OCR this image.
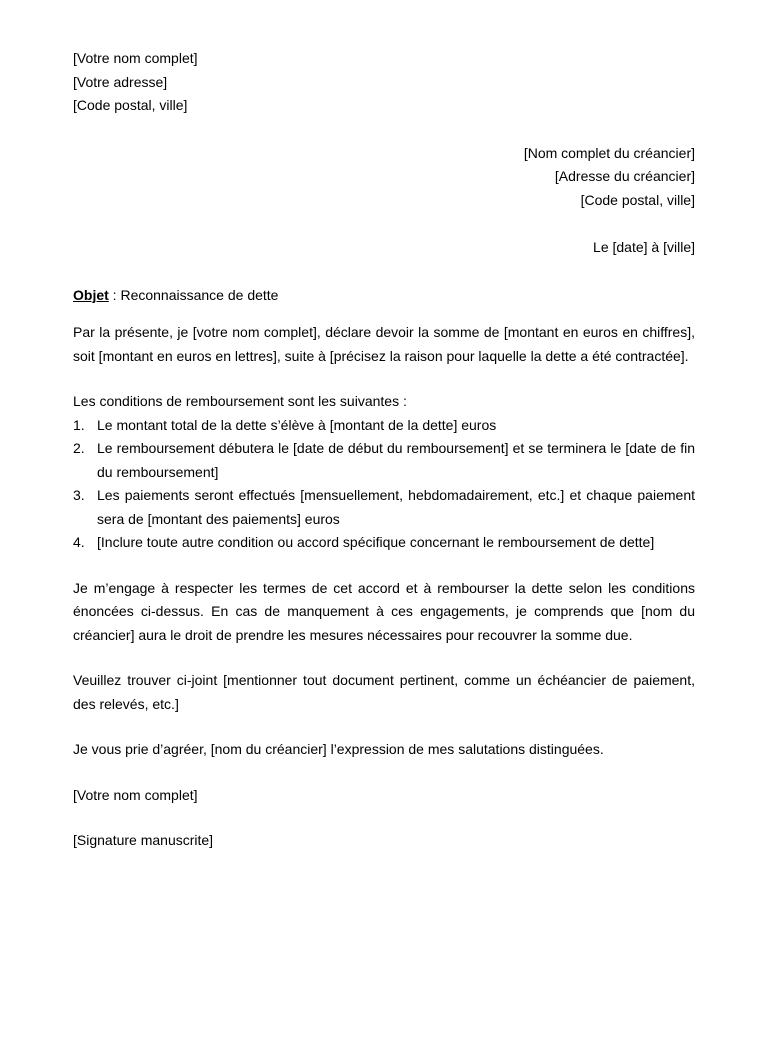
[Votre nom complet]
[Votre adresse]
[Code postal, ville]
[Nom complet du créancier]
[Adresse du créancier]
[Code postal, ville]
Le [date] à [ville]
Objet : Reconnaissance de dette

Par la présente, je [votre nom complet], déclare devoir la somme de [montant en euros en chiffres], soit [montant en euros en lettres], suite à [précisez la raison pour laquelle la dette a été contractée].

Les conditions de remboursement sont les suivantes :

1. Le montant total de la dette s’élève à [montant de la dette] euros
2. Le remboursement débutera le [date de début du remboursement] et se terminera le [date de fin du remboursement]
3. Les paiements seront effectués [mensuellement, hebdomadairement, etc.] et chaque paiement sera de [montant des paiements] euros
4. [Inclure toute autre condition ou accord spécifique concernant le remboursement de dette]

Je m’engage à respecter les termes de cet accord et à rembourser la dette selon les conditions énoncées ci-dessus. En cas de manquement à ces engagements, je comprends que [nom du créancier] aura le droit de prendre les mesures nécessaires pour recouvrer la somme due.

Veuillez trouver ci-joint [mentionner tout document pertinent, comme un échéancier de paiement, des relevés, etc.]

Je vous prie d’agréer, [nom du créancier] l’expression de mes salutations distinguées.

[Votre nom complet]

[Signature manuscrite]
